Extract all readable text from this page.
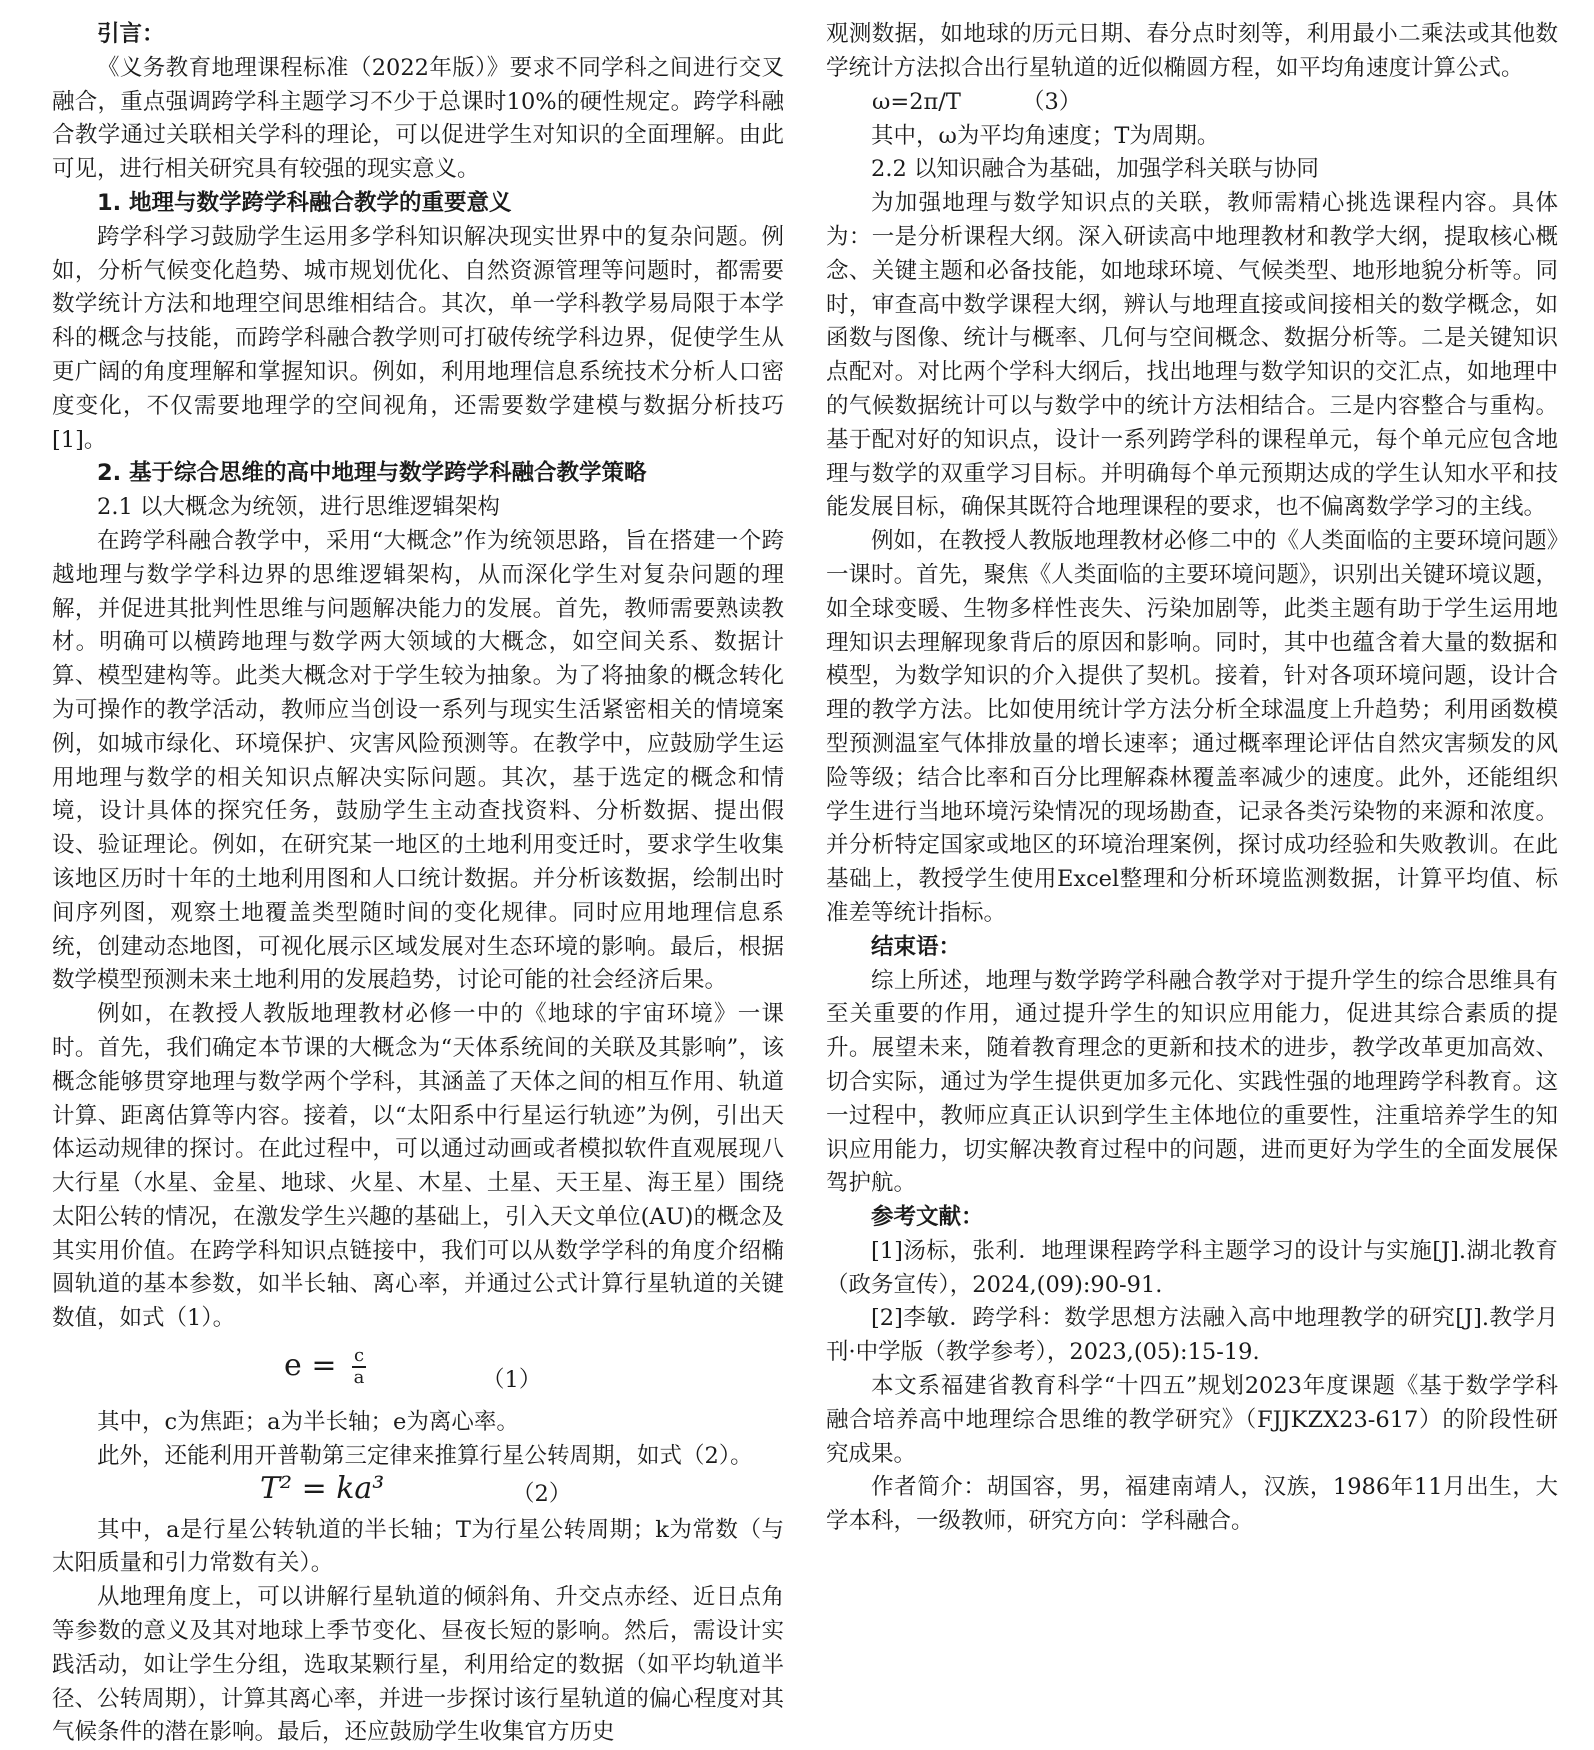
引言：

《义务教育地理课程标准（2022年版）》要求不同学科之间进行交叉融合，重点强调跨学科主题学习不少于总课时10%的硬性规定。跨学科融合教学通过关联相关学科的理论，可以促进学生对知识的全面理解。由此可见，进行相关研究具有较强的现实意义。

1. 地理与数学跨学科融合教学的重要意义

跨学科学习鼓励学生运用多学科知识解决现实世界中的复杂问题。例如，分析气候变化趋势、城市规划优化、自然资源管理等问题时，都需要数学统计方法和地理空间思维相结合。其次，单一学科教学易局限于本学科的概念与技能，而跨学科融合教学则可打破传统学科边界，促使学生从更广阔的角度理解和掌握知识。例如，利用地理信息系统技术分析人口密度变化，不仅需要地理学的空间视角，还需要数学建模与数据分析技巧[1]。

2. 基于综合思维的高中地理与数学跨学科融合教学策略

2.1 以大概念为统领，进行思维逻辑架构

在跨学科融合教学中，采用“大概念”作为统领思路，旨在搭建一个跨越地理与数学学科边界的思维逻辑架构，从而深化学生对复杂问题的理解，并促进其批判性思维与问题解决能力的发展。首先，教师需要熟读教材。明确可以横跨地理与数学两大领域的大概念，如空间关系、数据计算、模型建构等。此类大概念对于学生较为抽象。为了将抽象的概念转化为可操作的教学活动，教师应当创设一系列与现实生活紧密相关的情境案例，如城市绿化、环境保护、灾害风险预测等。在教学中，应鼓励学生运用地理与数学的相关知识点解决实际问题。其次，基于选定的概念和情境，设计具体的探究任务，鼓励学生主动查找资料、分析数据、提出假设、验证理论。例如，在研究某一地区的土地利用变迁时，要求学生收集该地区历时十年的土地利用图和人口统计数据。并分析该数据，绘制出时间序列图，观察土地覆盖类型随时间的变化规律。同时应用地理信息系统，创建动态地图，可视化展示区域发展对生态环境的影响。最后，根据数学模型预测未来土地利用的发展趋势，讨论可能的社会经济后果。

例如，在教授人教版地理教材必修一中的《地球的宇宙环境》一课时。首先，我们确定本节课的大概念为“天体系统间的关联及其影响”，该概念能够贯穿地理与数学两个学科，其涵盖了天体之间的相互作用、轨道计算、距离估算等内容。接着，以“太阳系中行星运行轨迹”为例，引出天体运动规律的探讨。在此过程中，可以通过动画或者模拟软件直观展现八大行星（水星、金星、地球、火星、木星、土星、天王星、海王星）围绕太阳公转的情况，在激发学生兴趣的基础上，引入天文单位(AU)的概念及其实用价值。在跨学科知识点链接中，我们可以从数学学科的角度介绍椭圆轨道的基本参数，如半长轴、离心率，并通过公式计算行星轨道的关键数值，如式（1）。

$e = \frac{c}{a}$	（1）

其中，c为焦距；a为半长轴；e为离心率。

此外，还能利用开普勒第三定律来推算行星公转周期，如式（2）。

T² = ka³	（2）

其中，a是行星公转轨道的半长轴；T为行星公转周期；k为常数（与太阳质量和引力常数有关）。

从地理角度上，可以讲解行星轨道的倾斜角、升交点赤经、近日点角等参数的意义及其对地球上季节变化、昼夜长短的影响。然后，需设计实践活动，如让学生分组，选取某颗行星，利用给定的数据（如平均轨道半径、公转周期），计算其离心率，并进一步探讨该行星轨道的偏心程度对其气候条件的潜在影响。最后，还应鼓励学生收集官方历史

观测数据，如地球的历元日期、春分点时刻等，利用最小二乘法或其他数学统计方法拟合出行星轨道的近似椭圆方程，如平均角速度计算公式。

ω=2π/T	（3）

其中，ω为平均角速度；T为周期。

2.2 以知识融合为基础，加强学科关联与协同

为加强地理与数学知识点的关联，教师需精心挑选课程内容。具体为：一是分析课程大纲。深入研读高中地理教材和教学大纲，提取核心概念、关键主题和必备技能，如地球环境、气候类型、地形地貌分析等。同时，审查高中数学课程大纲，辨认与地理直接或间接相关的数学概念，如函数与图像、统计与概率、几何与空间概念、数据分析等。二是关键知识点配对。对比两个学科大纲后，找出地理与数学知识的交汇点，如地理中的气候数据统计可以与数学中的统计方法相结合。三是内容整合与重构。基于配对好的知识点，设计一系列跨学科的课程单元，每个单元应包含地理与数学的双重学习目标。并明确每个单元预期达成的学生认知水平和技能发展目标，确保其既符合地理课程的要求，也不偏离数学学习的主线。

例如，在教授人教版地理教材必修二中的《人类面临的主要环境问题》一课时。首先，聚焦《人类面临的主要环境问题》，识别出关键环境议题，如全球变暖、生物多样性丧失、污染加剧等，此类主题有助于学生运用地理知识去理解现象背后的原因和影响。同时，其中也蕴含着大量的数据和模型，为数学知识的介入提供了契机。接着，针对各项环境问题，设计合理的教学方法。比如使用统计学方法分析全球温度上升趋势；利用函数模型预测温室气体排放量的增长速率；通过概率理论评估自然灾害频发的风险等级；结合比率和百分比理解森林覆盖率减少的速度。此外，还能组织学生进行当地环境污染情况的现场勘查，记录各类污染物的来源和浓度。并分析特定国家或地区的环境治理案例，探讨成功经验和失败教训。在此基础上，教授学生使用Excel整理和分析环境监测数据，计算平均值、标准差等统计指标。

结束语：

综上所述，地理与数学跨学科融合教学对于提升学生的综合思维具有至关重要的作用，通过提升学生的知识应用能力，促进其综合素质的提升。展望未来，随着教育理念的更新和技术的进步，教学改革更加高效、切合实际，通过为学生提供更加多元化、实践性强的地理跨学科教育。这一过程中，教师应真正认识到学生主体地位的重要性，注重培养学生的知识应用能力，切实解决教育过程中的问题，进而更好为学生的全面发展保驾护航。

参考文献：

[1]汤标，张利．地理课程跨学科主题学习的设计与实施[J].湖北教育（政务宣传），2024,(09):90-91.

[2]李敏．跨学科：数学思想方法融入高中地理教学的研究[J].教学月刊·中学版（教学参考），2023,(05):15-19.

本文系福建省教育科学“十四五”规划2023年度课题《基于数学学科融合培养高中地理综合思维的教学研究》（FJJKZX23-617）的阶段性研究成果。

作者简介：胡国容，男，福建南靖人，汉族，1986年11月出生，大学本科，一级教师，研究方向：学科融合。
